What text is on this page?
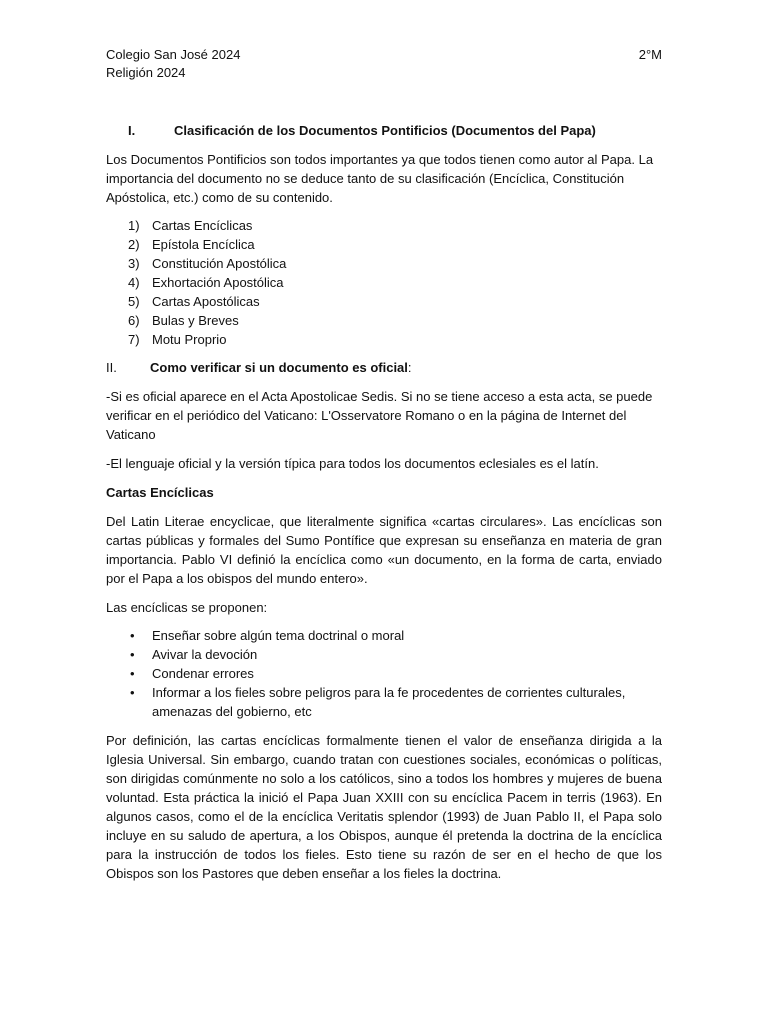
Colegio San José 2024
Religión 2024
2°M
I.	Clasificación de los Documentos Pontificios (Documentos del Papa)

Los Documentos Pontificios son todos importantes ya que todos tienen como autor al Papa. La importancia del documento no se deduce tanto de su clasificación (Encíclica, Constitución Apóstolica, etc.) como de su contenido.

1) Cartas Encíclicas
2) Epístola Encíclica
3) Constitución Apostólica
4) Exhortación Apostólica
5) Cartas Apostólicas
6) Bulas y Breves
7) Motu Proprio
II.	Como verificar si un documento es oficial:

-Si es oficial aparece en el Acta Apostolicae Sedis. Si no se tiene acceso a esta acta, se puede verificar en el periódico del Vaticano: L'Osservatore Romano o en la página de Internet del Vaticano

-El lenguaje oficial y la versión típica para todos los documentos eclesiales es el latín.

Cartas Encíclicas

Del Latin Literae encyclicae, que literalmente significa «cartas circulares». Las encíclicas son cartas públicas y formales del Sumo Pontífice que expresan su enseñanza en materia de gran importancia. Pablo VI definió la encíclica como «un documento, en la forma de carta, enviado por el Papa a los obispos del mundo entero».

Las encíclicas se proponen:

•	Enseñar sobre algún tema doctrinal o moral
•	Avivar la devoción
•	Condenar errores
•	Informar a los fieles sobre peligros para la fe procedentes de corrientes culturales, amenazas del gobierno, etc

Por definición, las cartas encíclicas formalmente tienen el valor de enseñanza dirigida a la Iglesia Universal. Sin embargo, cuando tratan con cuestiones sociales, económicas o políticas, son dirigidas comúnmente no solo a los católicos, sino a todos los hombres y mujeres de buena voluntad. Esta práctica la inició el Papa Juan XXIII con su encíclica Pacem in terris (1963). En algunos casos, como el de la encíclica Veritatis splendor (1993) de Juan Pablo II, el Papa solo incluye en su saludo de apertura, a los Obispos, aunque él pretenda la doctrina de la encíclica para la instrucción de todos los fieles. Esto tiene su razón de ser en el hecho de que los Obispos son los Pastores que deben enseñar a los fieles la doctrina.
